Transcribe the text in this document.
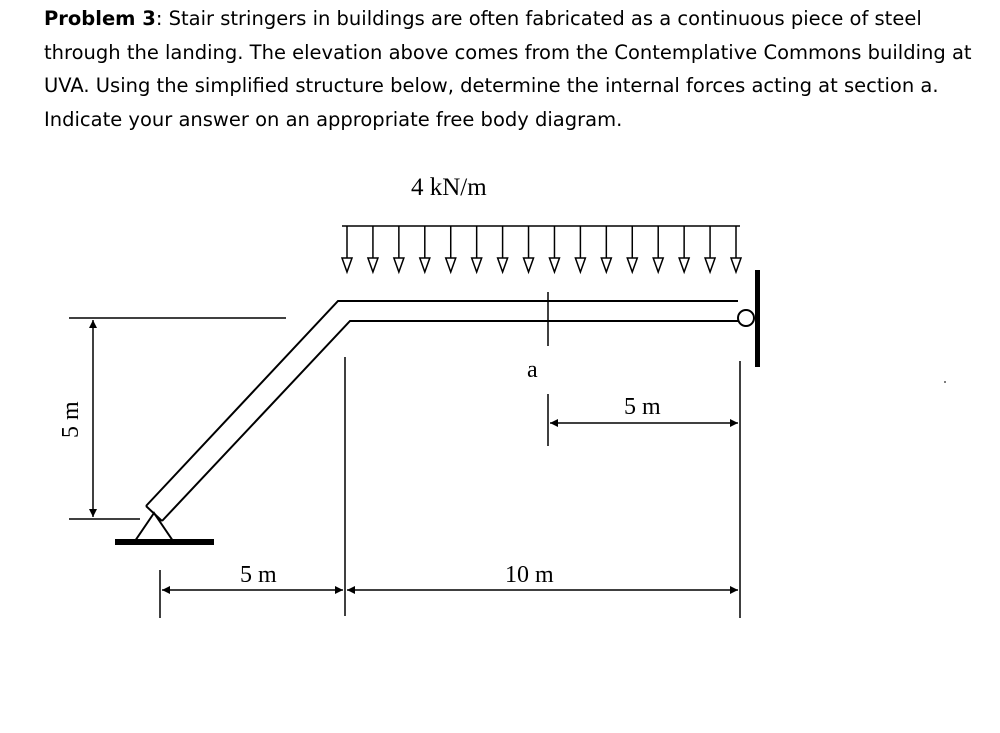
Problem 3: Stair stringers in buildings are often fabricated as a continuous piece of steel
through the landing. The elevation above comes from the Contemplative Commons building at
UVA. Using the simplified structure below, determine the internal forces acting at section a.
Indicate your answer on an appropriate free body diagram.
4 kN/m
a
5 m
5 m
5 m	10 m
